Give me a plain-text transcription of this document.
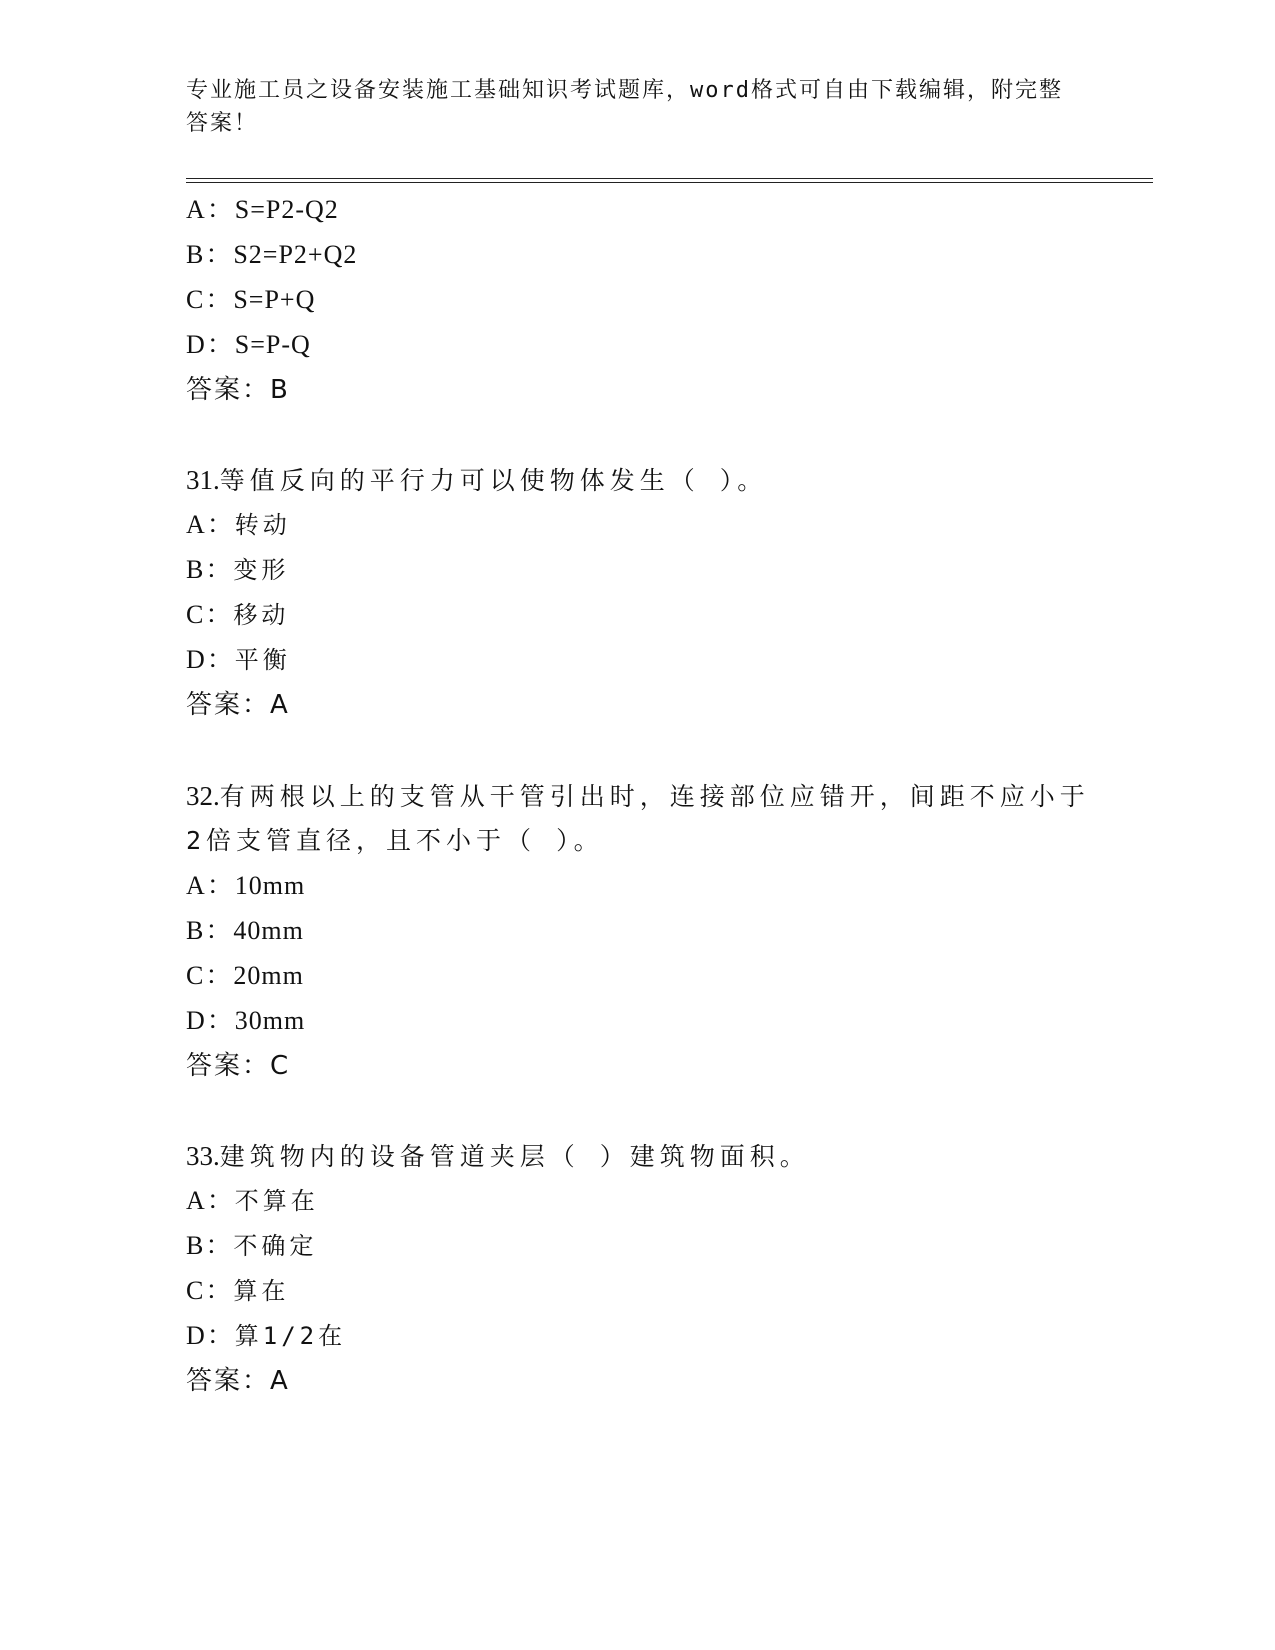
专业施工员之设备安装施工基础知识考试题库，word格式可自由下载编辑，附完整答案！
A：S=P2-Q2
B：S2=P2+Q2
C：S=P+Q
D：S=P-Q
答案：B
31.等值反向的平行力可以使物体发生（ ）。
A：转动
B：变形
C：移动
D：平衡
答案：A
32.有两根以上的支管从干管引出时，连接部位应错开，间距不应小于
2倍支管直径，且不小于（ ）。
A：10mm
B：40mm
C：20mm
D：30mm
答案：C
33.建筑物内的设备管道夹层（ ）建筑物面积。
A：不算在
B：不确定
C：算在
D：算1/2在
答案：A
